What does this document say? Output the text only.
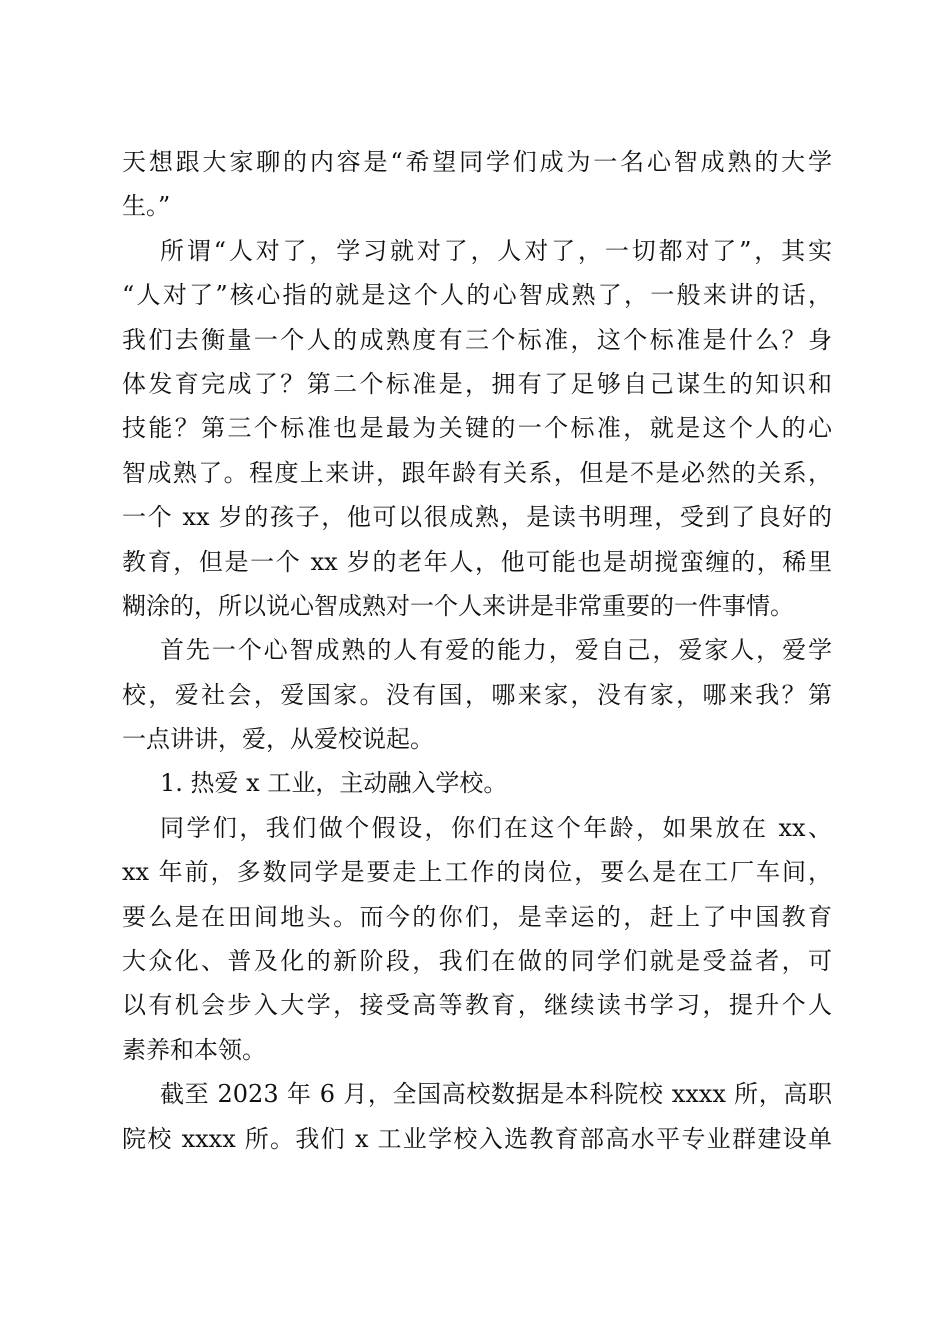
天想跟大家聊的内容是“希望同学们成为一名心智成熟的大学
生。”
所谓“人对了，学习就对了，人对了，一切都对了”，其实
“人对了”核心指的就是这个人的心智成熟了，一般来讲的话，
我们去衡量一个人的成熟度有三个标准，这个标准是什么？身
体发育完成了？第二个标准是，拥有了足够自己谋生的知识和
技能？第三个标准也是最为关键的一个标准，就是这个人的心
智成熟了。程度上来讲，跟年龄有关系，但是不是必然的关系，
一个 xx 岁的孩子，他可以很成熟，是读书明理，受到了良好的
教育，但是一个 xx 岁的老年人，他可能也是胡搅蛮缠的，稀里
糊涂的，所以说心智成熟对一个人来讲是非常重要的一件事情。
首先一个心智成熟的人有爱的能力，爱自己，爱家人，爱学
校，爱社会，爱国家。没有国，哪来家，没有家，哪来我？第
一点讲讲，爱，从爱校说起。
1. 热爱 x 工业，主动融入学校。
同学们，我们做个假设，你们在这个年龄，如果放在 xx、
xx 年前，多数同学是要走上工作的岗位，要么是在工厂车间，
要么是在田间地头。而今的你们，是幸运的，赶上了中国教育
大众化、普及化的新阶段，我们在做的同学们就是受益者，可
以有机会步入大学，接受高等教育，继续读书学习，提升个人
素养和本领。
截至 2023 年 6 月，全国高校数据是本科院校 xxxx 所，高职
院校 xxxx 所。我们 x 工业学校入选教育部高水平专业群建设单
